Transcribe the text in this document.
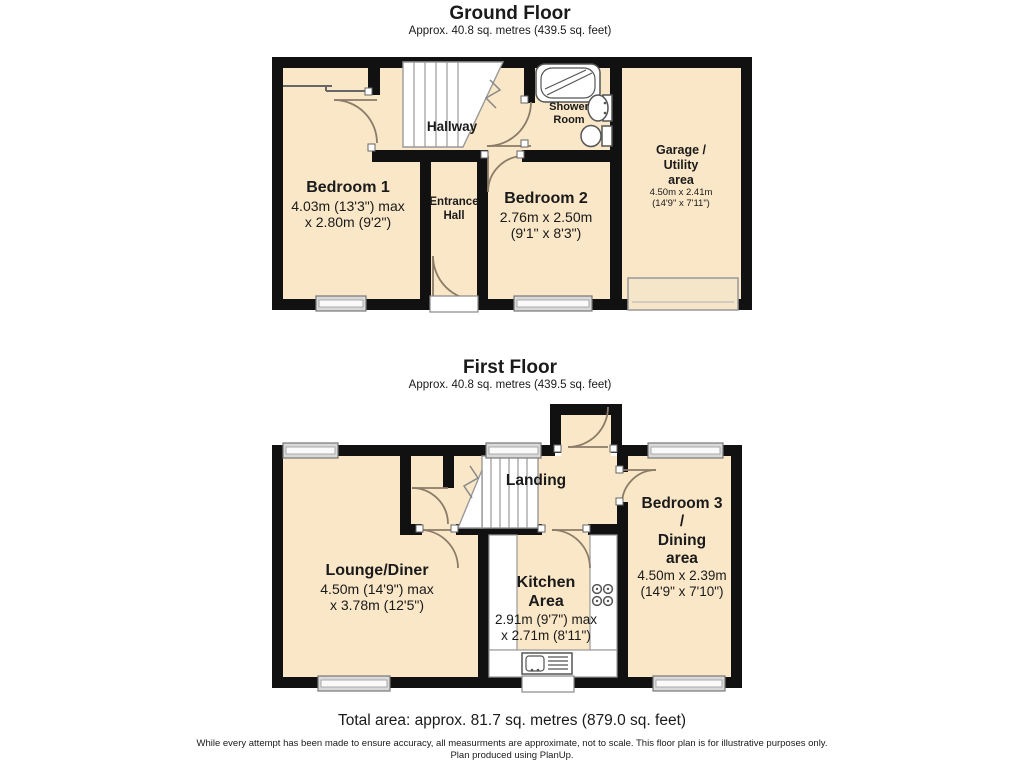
Ground Floor
Approx. 40.8 sq. metres (439.5 sq. feet)
Hallway
Bedroom 1
4.03m (13'3") max
x 2.80m (9'2")
Entrance
Hall
Bedroom 2
2.76m x 2.50m
(9'1" x 8'3")
Shower
Room
Garage /
Utility
area
4.50m x 2.41m
(14'9" x 7'11")
First Floor
Approx. 40.8 sq. metres (439.5 sq. feet)
Landing
Lounge/Diner
4.50m (14'9") max
x 3.78m (12'5")
Kitchen
Area
2.91m (9'7") max
x 2.71m (8'11")
Bedroom 3
/
Dining
area
4.50m x 2.39m
(14'9" x 7'10")
Total area: approx. 81.7 sq. metres (879.0 sq. feet)
While every attempt has been made to ensure accuracy, all measurments are approximate, not to scale. This floor plan is for illustrative purposes only.
Plan produced using PlanUp.
